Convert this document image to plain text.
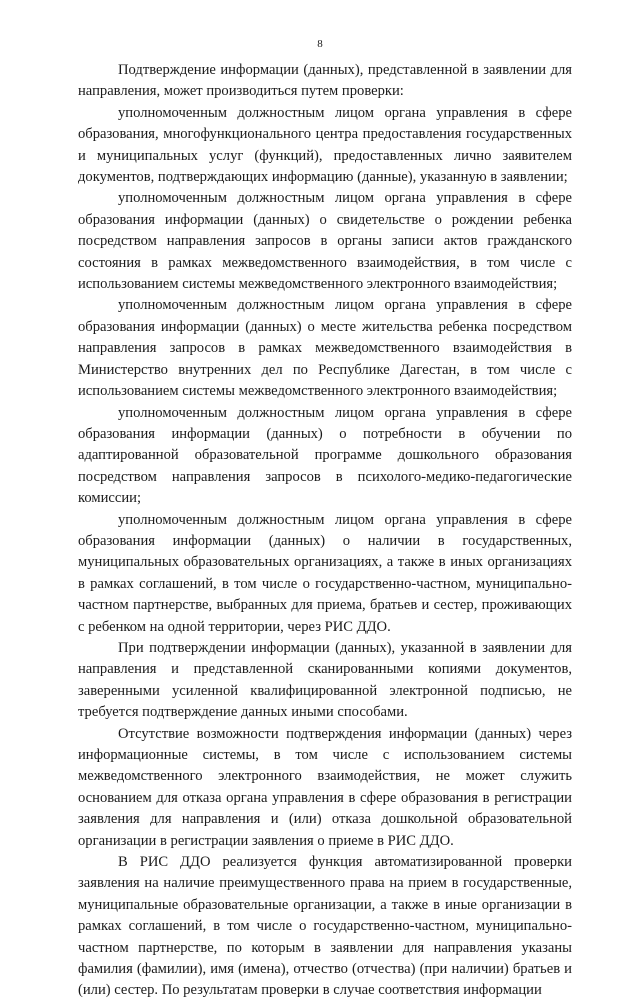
8

Подтверждение информации (данных), представленной в заявлении для направления, может производиться путем проверки:

уполномоченным должностным лицом органа управления в сфере образования, многофункционального центра предоставления государственных и муниципальных услуг (функций), предоставленных лично заявителем документов, подтверждающих информацию (данные), указанную в заявлении;

уполномоченным должностным лицом органа управления в сфере образования информации (данных) о свидетельстве о рождении ребенка посредством направления запросов в органы записи актов гражданского состояния в рамках межведомственного взаимодействия, в том числе с использованием системы межведомственного электронного взаимодействия;

уполномоченным должностным лицом органа управления в сфере образования информации (данных) о месте жительства ребенка посредством направления запросов в рамках межведомственного взаимодействия в Министерство внутренних дел по Республике Дагестан, в том числе с использованием системы межведомственного электронного взаимодействия;

уполномоченным должностным лицом органа управления в сфере образования информации (данных) о потребности в обучении по адаптированной образовательной программе дошкольного образования посредством направления запросов в психолого-медико-педагогические комиссии;

уполномоченным должностным лицом органа управления в сфере образования информации (данных) о наличии в государственных, муниципальных образовательных организациях, а также в иных организациях в рамках соглашений, в том числе о государственно-частном, муниципально-частном партнерстве, выбранных для приема, братьев и сестер, проживающих с ребенком на одной территории, через РИС ДДО.

При подтверждении информации (данных), указанной в заявлении для направления и представленной сканированными копиями документов, заверенными усиленной квалифицированной электронной подписью, не требуется подтверждение данных иными способами.

Отсутствие возможности подтверждения информации (данных) через информационные системы, в том числе с использованием системы межведомственного электронного взаимодействия, не может служить основанием для отказа органа управления в сфере образования в регистрации заявления для направления и (или) отказа дошкольной образовательной организации в регистрации заявления о приеме в РИС ДДО.

В РИС ДДО реализуется функция автоматизированной проверки заявления на наличие преимущественного права на прием в государственные, муниципальные образовательные организации, а также в иные организации в рамках соглашений, в том числе о государственно-частном, муниципально-частном партнерстве, по которым в заявлении для направления указаны фамилия (фамилии), имя (имена), отчество (отчества) (при наличии) братьев и (или) сестер. По результатам проверки в случае соответствия информации
